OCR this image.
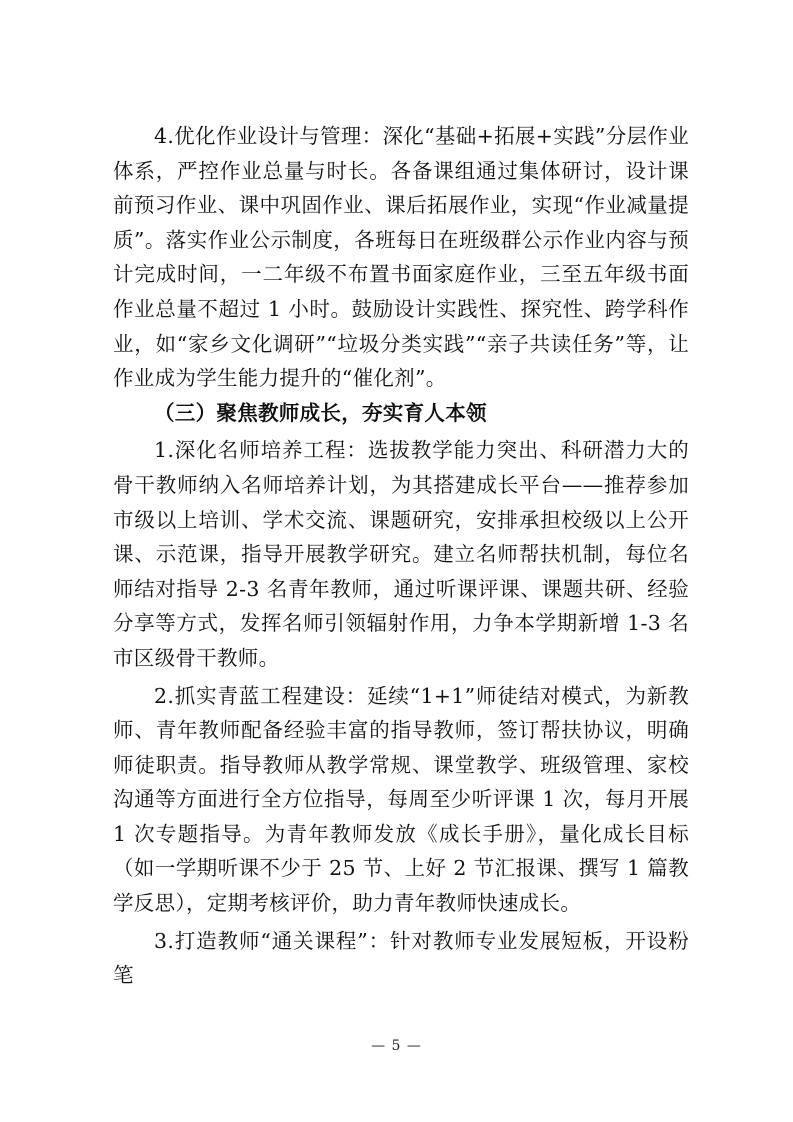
4.优化作业设计与管理：深化“基础+拓展+实践”分层作业体系，严控作业总量与时长。各备课组通过集体研讨，设计课前预习作业、课中巩固作业、课后拓展作业，实现“作业减量提质”。落实作业公示制度，各班每日在班级群公示作业内容与预计完成时间，一二年级不布置书面家庭作业，三至五年级书面作业总量不超过 1 小时。鼓励设计实践性、探究性、跨学科作业，如“家乡文化调研”“垃圾分类实践”“亲子共读任务”等，让作业成为学生能力提升的“催化剂”。

（三）聚焦教师成长，夯实育人本领

1.深化名师培养工程：选拔教学能力突出、科研潜力大的骨干教师纳入名师培养计划，为其搭建成长平台——推荐参加市级以上培训、学术交流、课题研究，安排承担校级以上公开课、示范课，指导开展教学研究。建立名师帮扶机制，每位名师结对指导 2-3 名青年教师，通过听课评课、课题共研、经验分享等方式，发挥名师引领辐射作用，力争本学期新增 1-3 名市区级骨干教师。

2.抓实青蓝工程建设：延续“1+1”师徒结对模式，为新教师、青年教师配备经验丰富的指导教师，签订帮扶协议，明确师徒职责。指导教师从教学常规、课堂教学、班级管理、家校沟通等方面进行全方位指导，每周至少听评课 1 次，每月开展 1 次专题指导。为青年教师发放《成长手册》，量化成长目标（如一学期听课不少于 25 节、上好 2 节汇报课、撰写 1 篇教学反思），定期考核评价，助力青年教师快速成长。

3.打造教师“通关课程”：针对教师专业发展短板，开设粉笔

— 5 —
